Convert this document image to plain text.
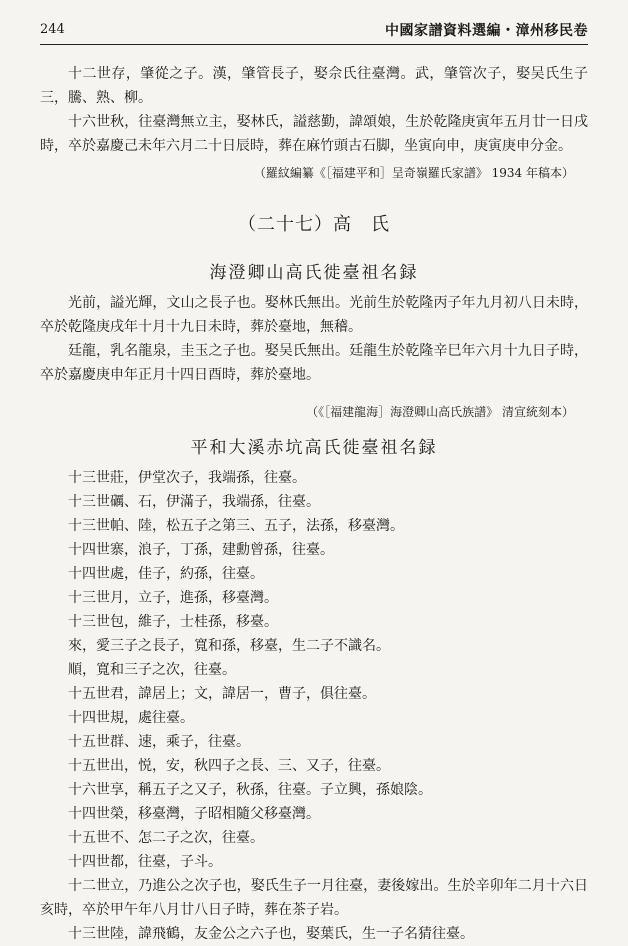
244	中國家譜資料選編・漳州移民卷

十二世存，肇從之子。漢，肇管長子，娶佘氏往臺灣。武，肇管次子，娶吴氏生子三，騰、熟、柳。

十六世秋，往臺灣無立主，娶林氏，謚慈勤，諱頌娘，生於乾隆庚寅年五月廿一日戌時，卒於嘉慶己未年六月二十日辰時，葬在麻竹頭古石脚，坐寅向申，庚寅庚申分金。

（羅紋編纂《［福建平和］呈奇嶺羅氏家譜》 1934 年稿本）

（二十七）高　氏
海澄卿山高氏徙臺祖名録

光前，謚光輝，文山之長子也。娶林氏無出。光前生於乾隆丙子年九月初八日未時，卒於乾隆庚戌年十月十九日未時，葬於臺地，無稽。

廷龍，乳名龍泉，圭玉之子也。娶吴氏無出。廷龍生於乾隆辛巳年六月十九日子時，卒於嘉慶庚申年正月十四日酉時，葬於臺地。

（《［福建龍海］海澄卿山高氏族譜》 清宣統刻本）

平和大溪赤坑高氏徙臺祖名録

十三世莊，伊堂次子，我端孫，往臺。

十三世礪、石，伊滿子，我端孫，往臺。

十三世帕、陸，松五子之第三、五子，法孫，移臺灣。

十四世寨，浪子，丁孫，建勳曾孫，往臺。

十四世處，佳子，約孫，往臺。

十三世月，立子，進孫，移臺灣。

十三世包，維子，士桂孫，移臺。

來，愛三子之長子，寬和孫，移臺，生二子不識名。

順，寬和三子之次，往臺。

十五世君，諱居上；文，諱居一，曹子，俱往臺。

十四世規，處往臺。

十五世群、速，乘子，往臺。

十五世出，悦，安，秋四子之長、三、又子，往臺。

十六世享，稱五子之又子，秋孫，往臺。子立興，孫娘陰。

十四世榮，移臺灣，子昭相隨父移臺灣。

十五世不、怎二子之次，往臺。

十四世都，往臺，子斗。

十二世立，乃進公之次子也，娶氏生子一月往臺，妻後嫁出。生於辛卯年二月十六日亥時，卒於甲午年八月廿八日子時，葬在茶子岩。

十三世陸，諱飛鶴，友金公之六子也，娶葉氏，生一子名猜往臺。
